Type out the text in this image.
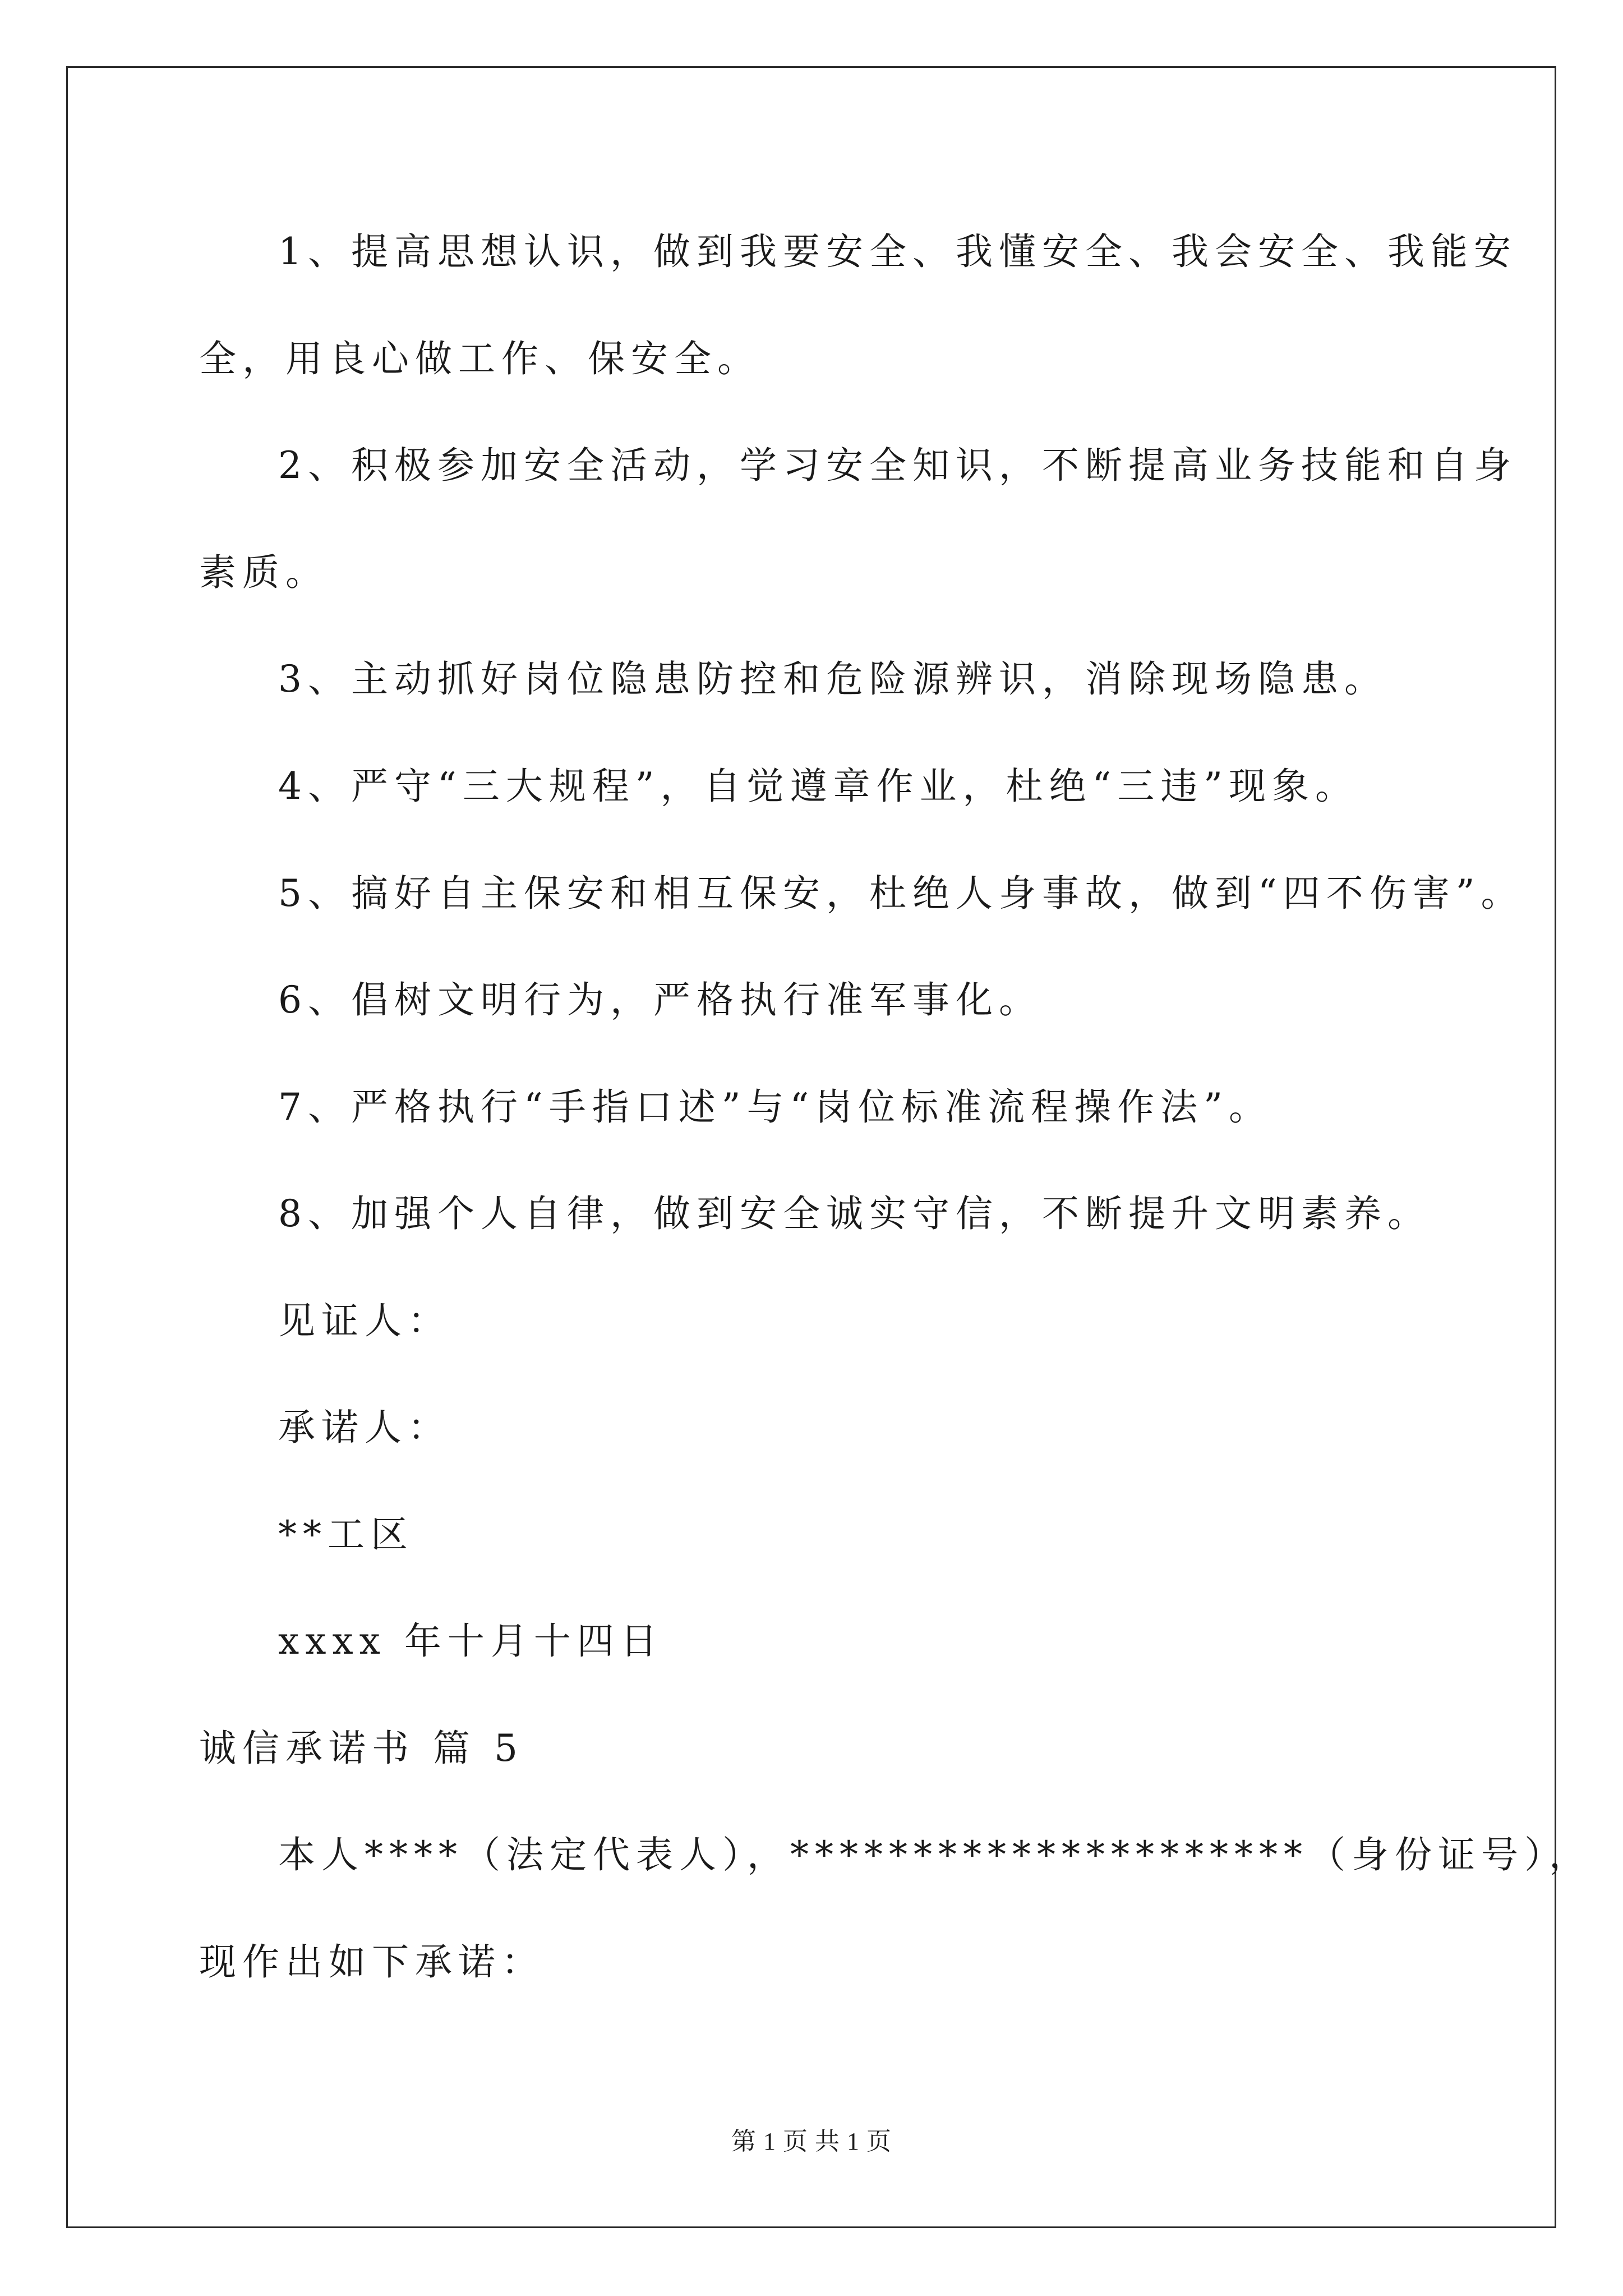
1、提高思想认识，做到我要安全、我懂安全、我会安全、我能安
全，用良心做工作、保安全。
2、积极参加安全活动，学习安全知识，不断提高业务技能和自身
素质。
3、主动抓好岗位隐患防控和危险源辨识，消除现场隐患。
4、严守“三大规程”，自觉遵章作业，杜绝“三违”现象。
5、搞好自主保安和相互保安，杜绝人身事故，做到“四不伤害”。
6、倡树文明行为，严格执行准军事化。
7、严格执行“手指口述”与“岗位标准流程操作法”。
8、加强个人自律，做到安全诚实守信，不断提升文明素养。
见证人：
承诺人：
**工区
xxxx 年十月十四日
诚信承诺书 篇 5
本人****（法定代表人），*********************（身份证号），
现作出如下承诺：
第 1 页 共 1 页
